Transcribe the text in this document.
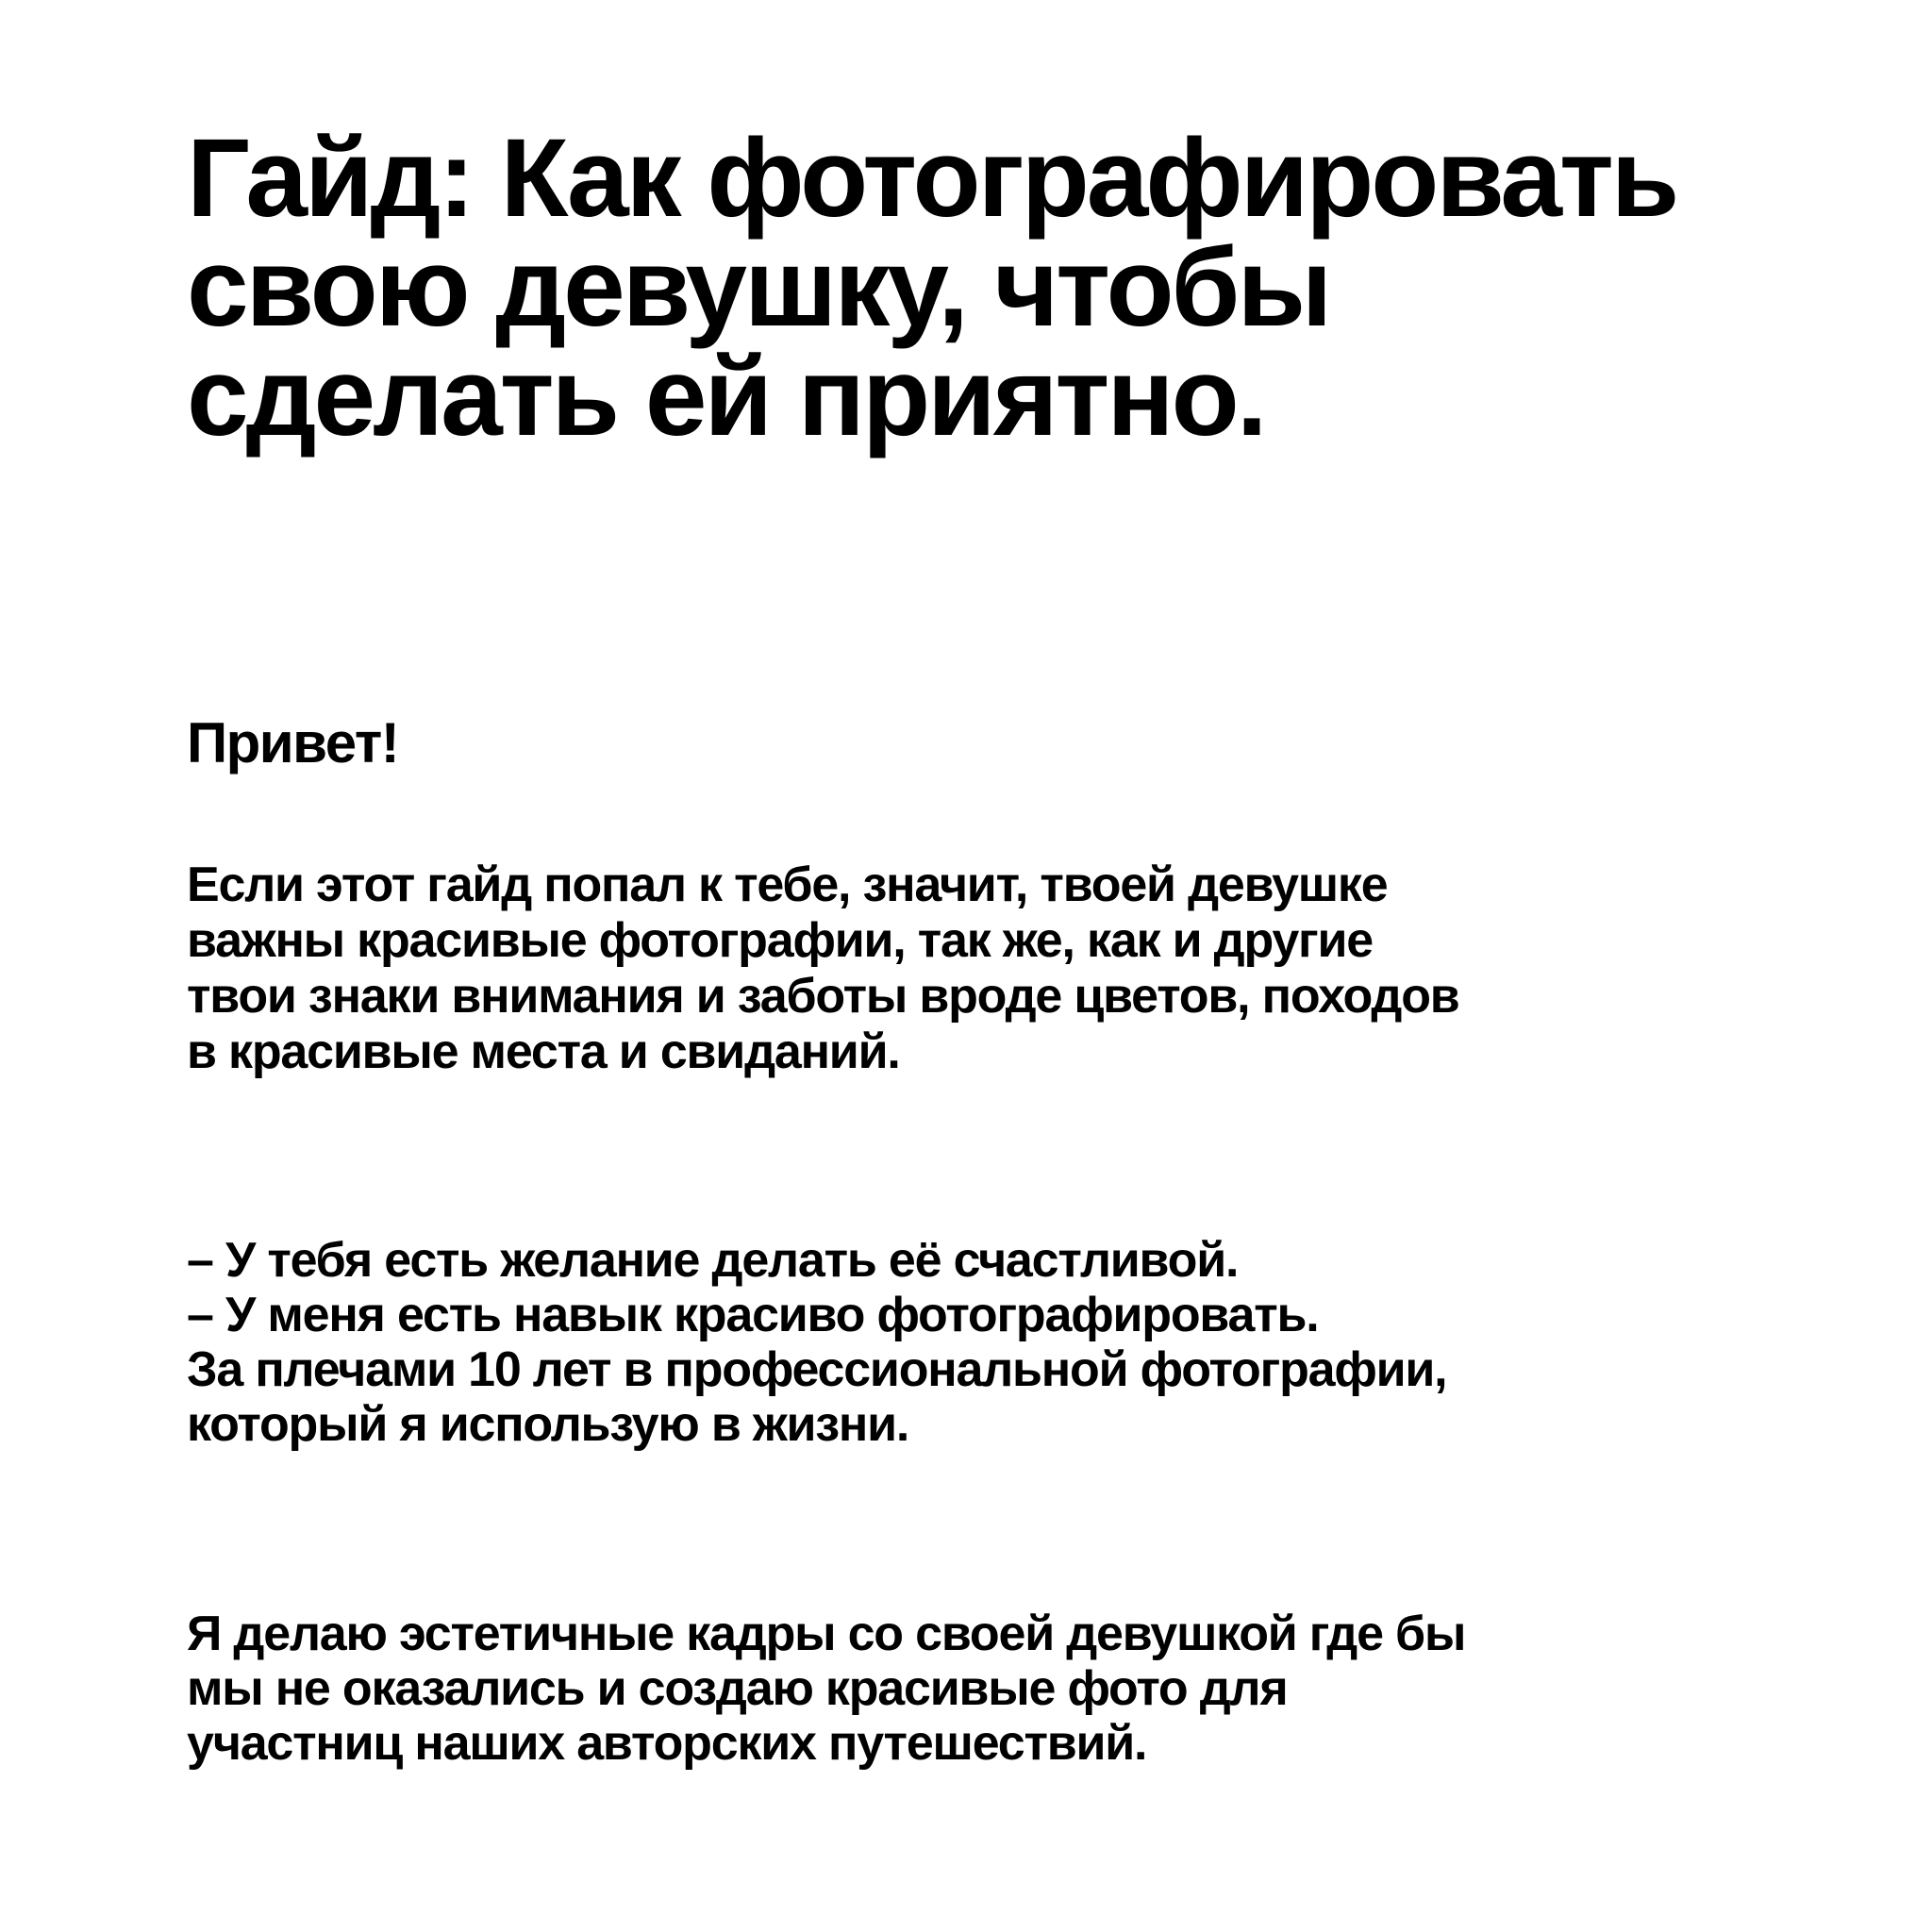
Гайд: Как фотографировать
свою девушку, чтобы
сделать ей приятно.
Привет!

Если этот гайд попал к тебе, значит, твоей девушке
важны красивые фотографии, так же, как и другие
твои знаки внимания и заботы вроде цветов, походов
в красивые места и свиданий.

– У тебя есть желание делать её счастливой.
– У меня есть навык красиво фотографировать.
За плечами 10 лет в профессиональной фотографии,
который я использую в жизни.

Я делаю эстетичные кадры со своей девушкой где бы
мы не оказались и создаю красивые фото для
участниц наших авторских путешествий.
